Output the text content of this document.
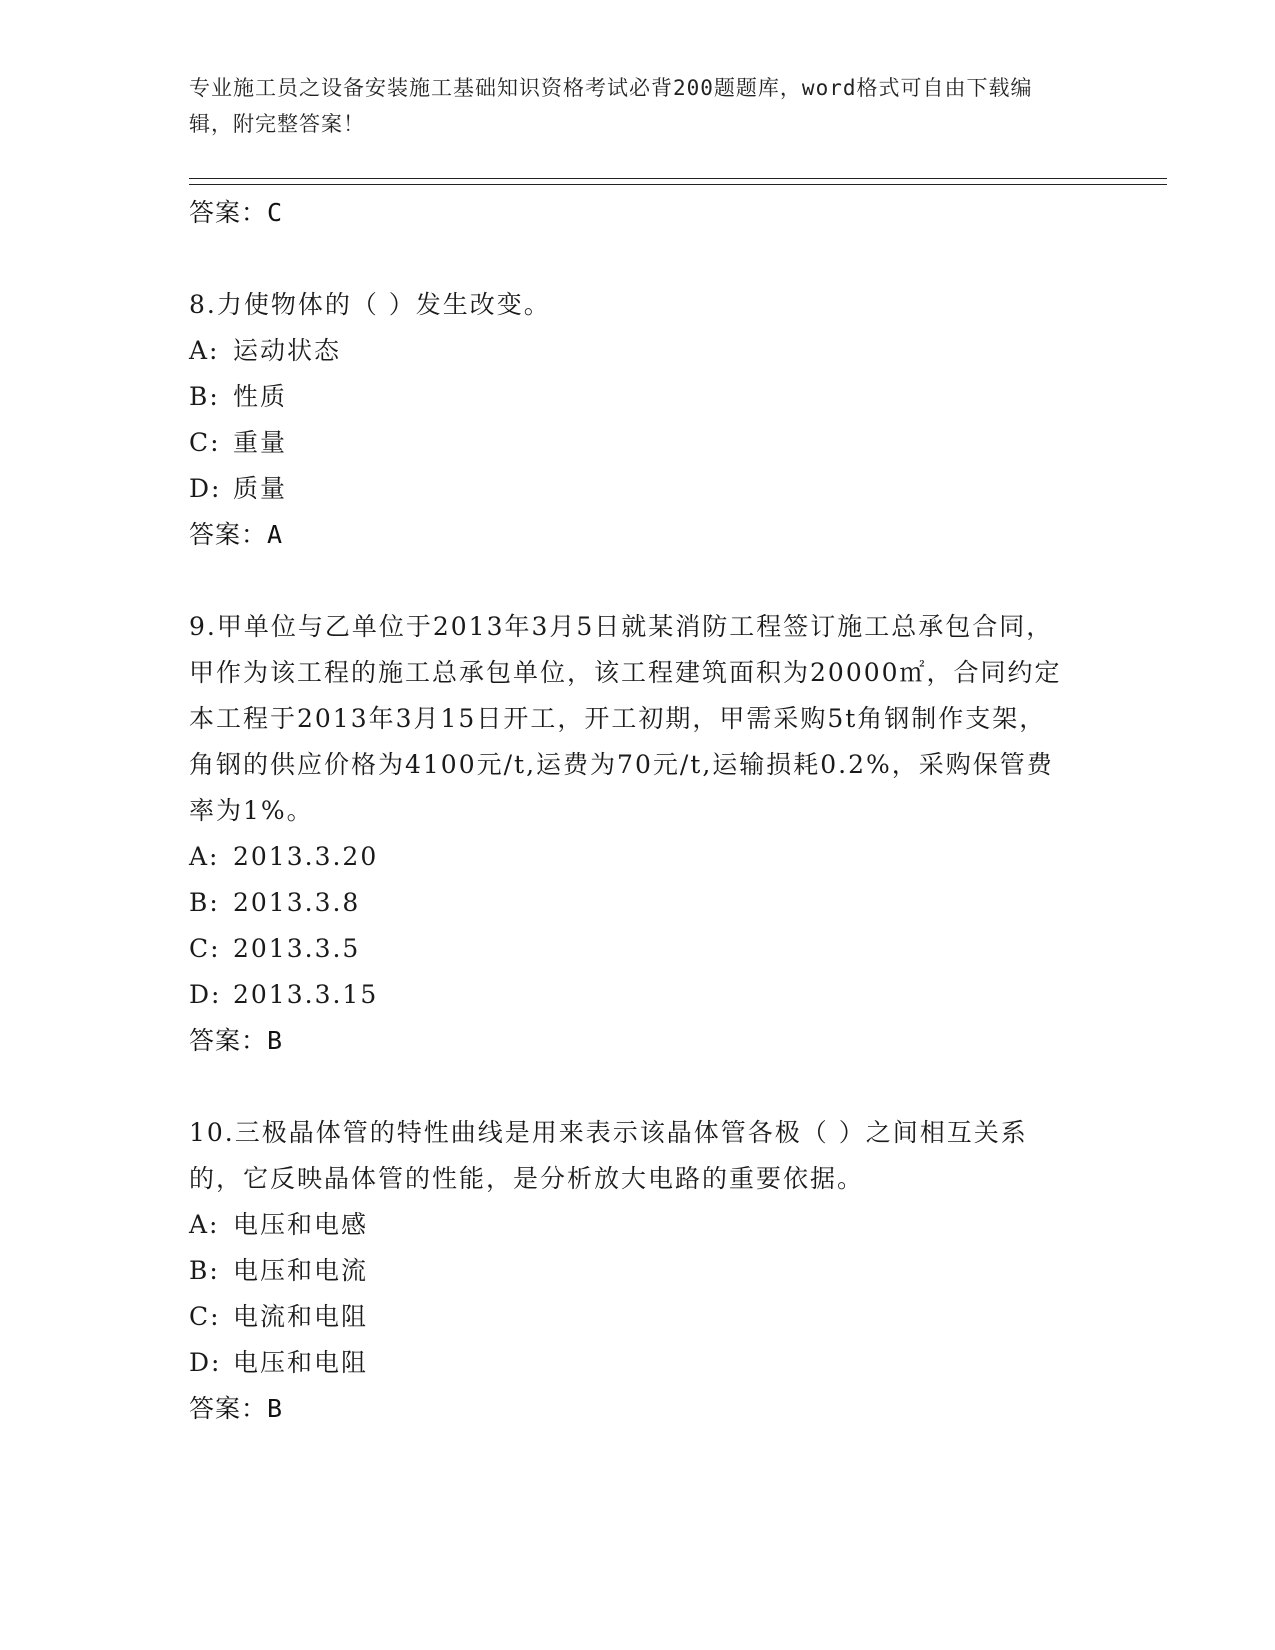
专业施工员之设备安装施工基础知识资格考试必背200题题库，word格式可自由下载编辑，附完整答案！
答案：C

8.力使物体的（ ）发生改变。

A: 运动状态
B: 性质
C: 重量
D: 质量
答案：A

9.甲单位与乙单位于2013年3月5日就某消防工程签订施工总承包合同，甲作为该工程的施工总承包单位，该工程建筑面积为20000㎡，合同约定本工程于2013年3月15日开工，开工初期，甲需采购5t角钢制作支架，角钢的供应价格为4100元/t,运费为70元/t,运输损耗0.2%，采购保管费率为1%。

A: 2013.3.20
B: 2013.3.8
C: 2013.3.5
D: 2013.3.15
答案：B

10.三极晶体管的特性曲线是用来表示该晶体管各极（ ）之间相互关系的，它反映晶体管的性能，是分析放大电路的重要依据。

A: 电压和电感
B: 电压和电流
C: 电流和电阻
D: 电压和电阻
答案：B
